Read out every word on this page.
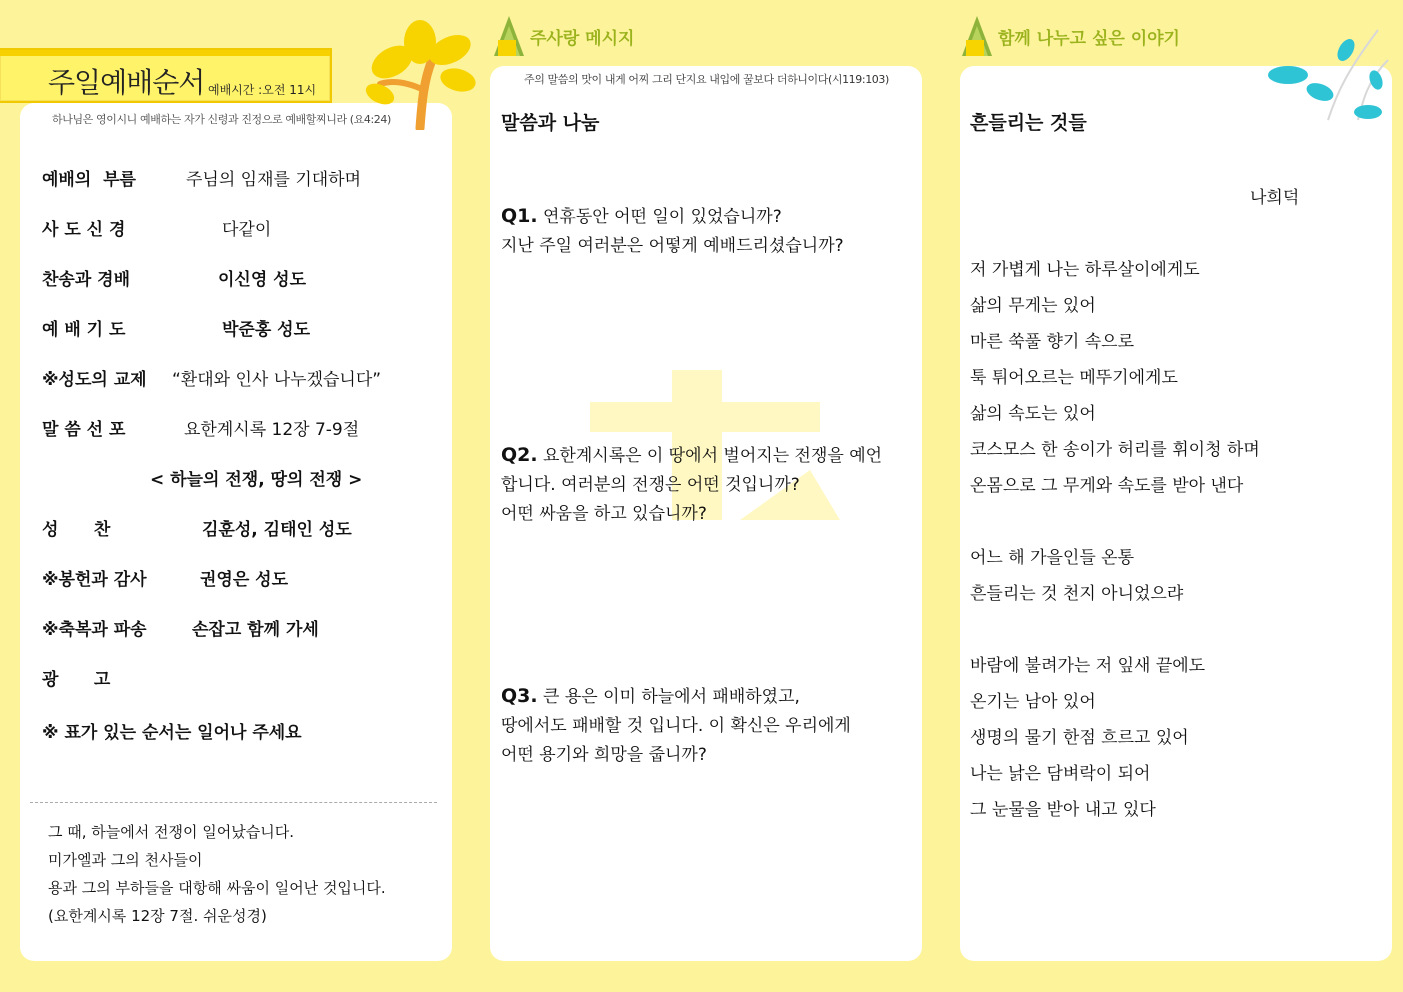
주일예배순서 예배시간 :오전 11시
하나님은 영이시니 예배하는 자가 신령과 진정으로 예배할찌니라 (요4:24)
예배의  부름	주님의 임재를 기대하며
사 도 신 경	다같이
찬송과 경배	이신영 성도
예 배 기 도	박준홍 성도
※성도의 교제 “환대와 인사 나누겠습니다”
말 씀 선 포	요한계시록 12장 7-9절
< 하늘의 전쟁, 땅의 전쟁 >
성      찬	김훈성, 김태인 성도
※봉헌과 감사	권영은 성도
※축복과 파송	손잡고 함께 가세
광      고
※ 표가 있는 순서는 일어나 주세요
그 때, 하늘에서 전쟁이 일어났습니다.
미가엘과 그의 천사들이
용과 그의 부하들을 대항해 싸움이 일어난 것입니다.
(요한계시록 12장 7절. 쉬운성경)
주사랑 메시지
주의 말씀의 맛이 내게 어찌 그리 단지요 내입에 꿀보다 더하니이다(시119:103)
말씀과 나눔
Q1. 연휴동안 어떤 일이 있었습니까?
지난 주일 여러분은 어떻게 예배드리셨습니까?
Q2. 요한계시록은 이 땅에서 벌어지는 전쟁을 예언
합니다. 여러분의 전쟁은 어떤 것입니까?
어떤 싸움을 하고 있습니까?
Q3. 큰 용은 이미 하늘에서 패배하였고,
땅에서도 패배할 것 입니다. 이 확신은 우리에게
어떤 용기와 희망을 줍니까?
함께 나누고 싶은 이야기
흔들리는 것들
나희덕
저 가볍게 나는 하루살이에게도
삶의 무게는 있어
마른 쑥풀 향기 속으로
툭 튀어오르는 메뚜기에게도
삶의 속도는 있어
코스모스 한 송이가 허리를 휘이청 하며
온몸으로 그 무게와 속도를 받아 낸다
어느 해 가을인들 온통
흔들리는 것 천지 아니었으랴
바람에 불려가는 저 잎새 끝에도
온기는 남아 있어
생명의 물기 한점 흐르고 있어
나는 낡은 담벼락이 되어
그 눈물을 받아 내고 있다
